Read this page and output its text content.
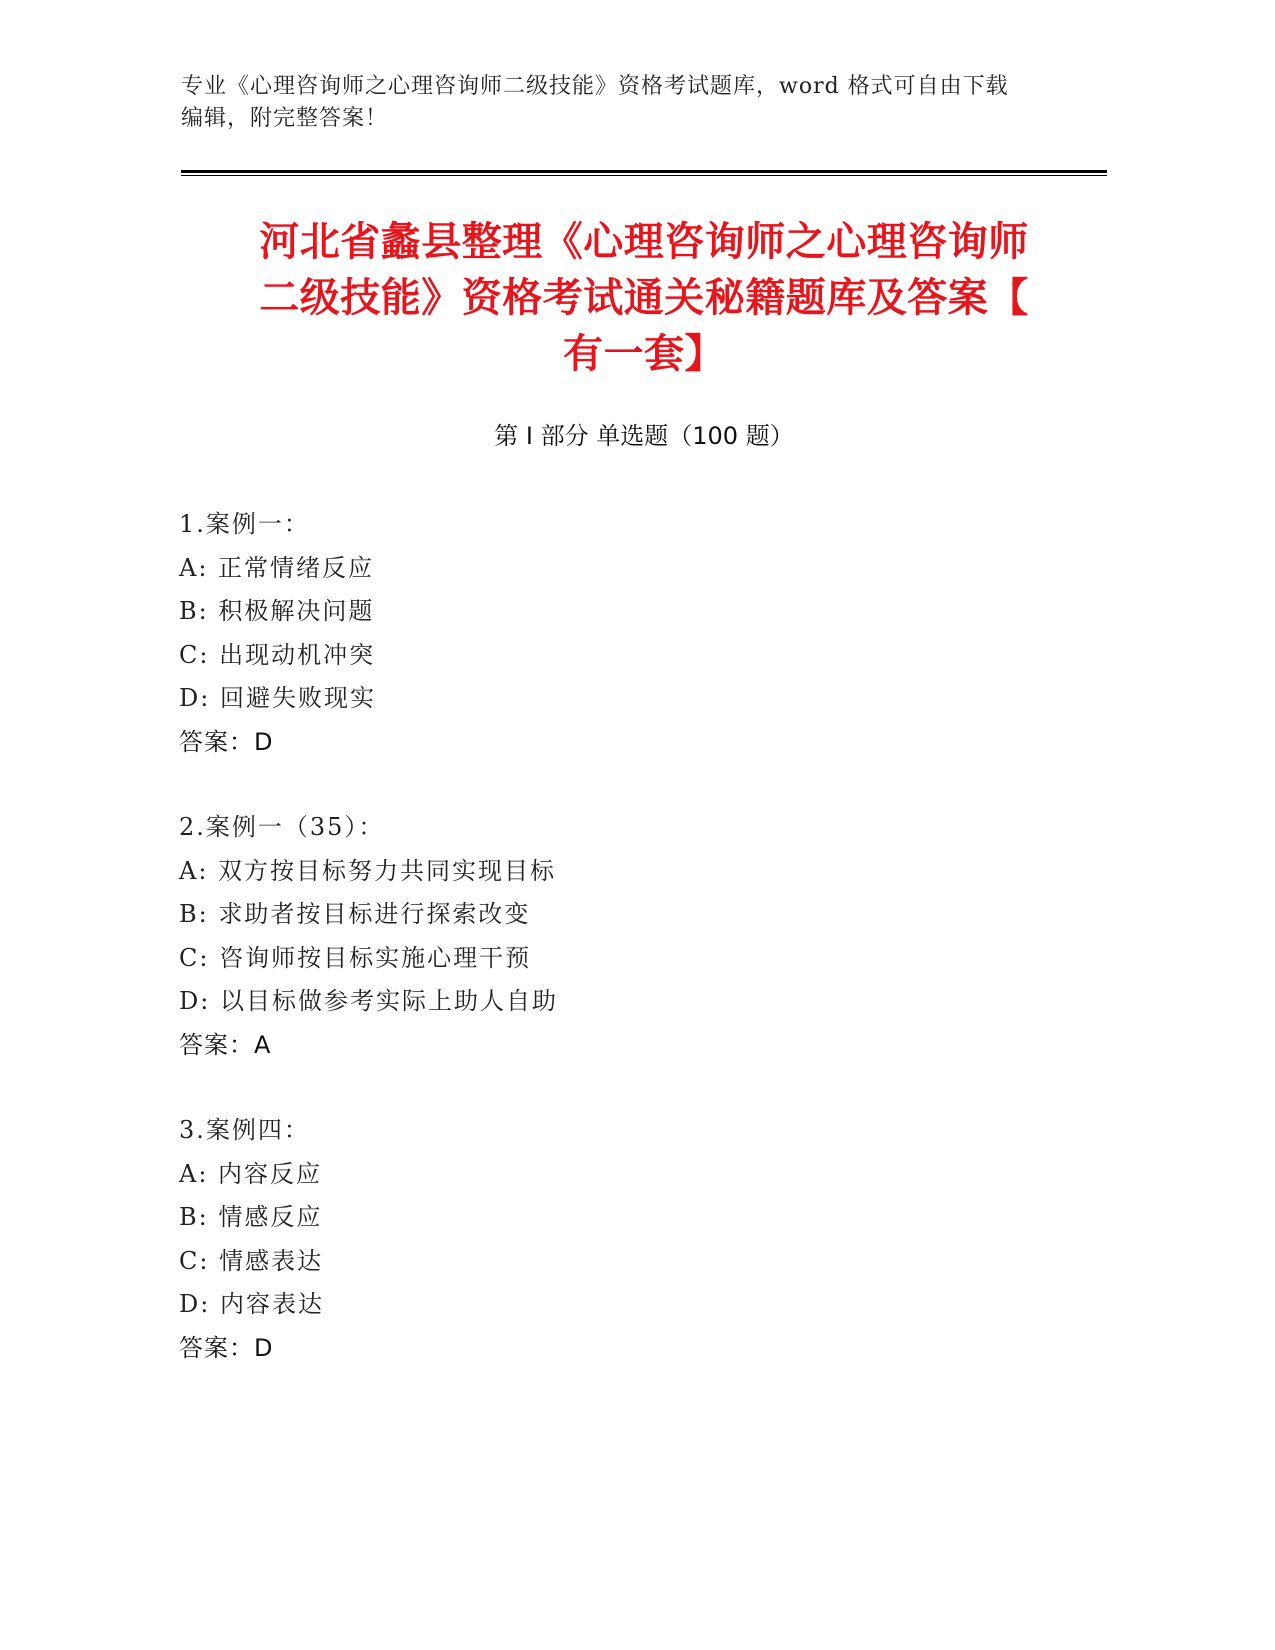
专业《心理咨询师之心理咨询师二级技能》资格考试题库，word 格式可自由下载
编辑，附完整答案！
河北省蠡县整理《心理咨询师之心理咨询师
二级技能》资格考试通关秘籍题库及答案【
有一套】
第 I 部分 单选题（100 题）
1.案例一：
A: 正常情绪反应
B: 积极解决问题
C: 出现动机冲突
D: 回避失败现实
答案：D
2.案例一（35）：
A: 双方按目标努力共同实现目标
B: 求助者按目标进行探索改变
C: 咨询师按目标实施心理干预
D: 以目标做参考实际上助人自助
答案：A
3.案例四：
A: 内容反应
B: 情感反应
C: 情感表达
D: 内容表达
答案：D
